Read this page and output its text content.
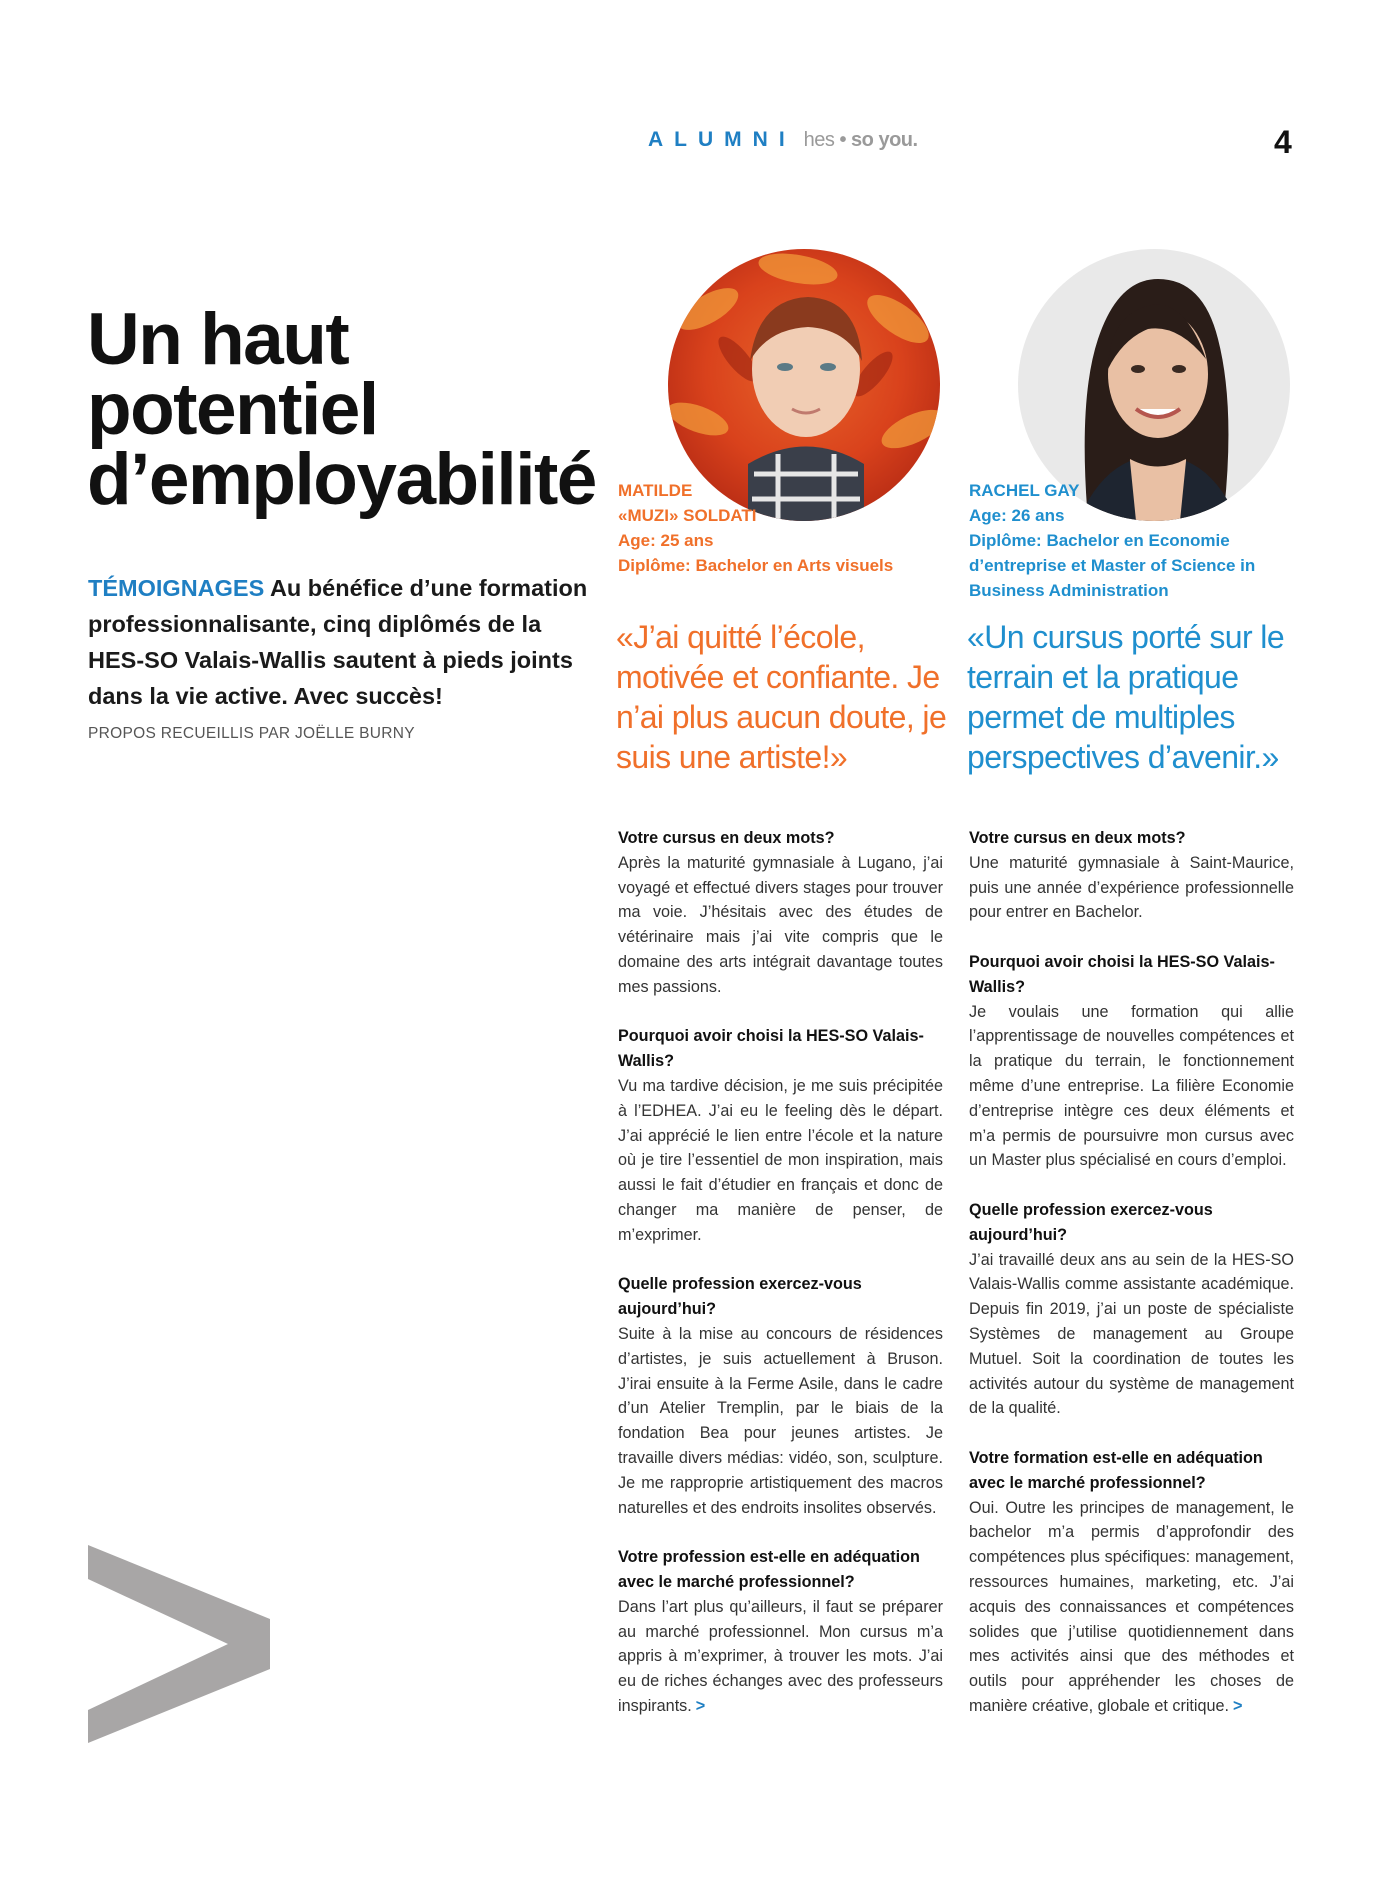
ALUMNI hes • so you.	4
Un haut potentiel d’employabilité

TÉMOIGNAGES Au bénéfice d’une formation professionnalisante, cinq diplômés de la HES-SO Valais-Wallis sautent à pieds joints dans la vie active. Avec succès!

PROPOS RECUEILLIS PAR JOËLLE BURNY
MATILDE
«MUZI» SOLDATI
Age: 25 ans
Diplôme: Bachelor en Arts visuels
RACHEL GAY
Age: 26 ans
Diplôme: Bachelor en Economie d’entreprise et Master of Science in Business Administration

«J’ai quitté l’école, motivée et confiante. Je n’ai plus aucun doute, je suis une artiste!»

«Un cursus porté sur le terrain et la pratique permet de multiples perspectives d’avenir.»

Votre cursus en deux mots?
Après la maturité gymnasiale à Lugano, j’ai voyagé et effectué divers stages pour trouver ma voie. J’hésitais avec des études de vétérinaire mais j’ai vite compris que le domaine des arts intégrait davantage toutes mes passions.
Pourquoi avoir choisi la HES-SO Valais-Wallis?
Vu ma tardive décision, je me suis précipitée à l’EDHEA. J’ai eu le feeling dès le départ. J’ai apprécié le lien entre l’école et la nature où je tire l’essentiel de mon inspiration, mais aussi le fait d’étudier en français et donc de changer ma manière de penser, de m’exprimer.
Quelle profession exercez-vous aujourd’hui?
Suite à la mise au concours de résidences d’artistes, je suis actuellement à Bruson. J’irai ensuite à la Ferme Asile, dans le cadre d’un Atelier Tremplin, par le biais de la fondation Bea pour jeunes artistes. Je travaille divers médias: vidéo, son, sculpture. Je me rapproprie artistiquement des macros naturelles et des endroits insolites observés.
Votre profession est-elle en adéquation avec le marché professionnel?
Dans l’art plus qu’ailleurs, il faut se préparer au marché professionnel. Mon cursus m’a appris à m’exprimer, à trouver les mots. J’ai eu de riches échanges avec des professeurs inspirants. >
Votre cursus en deux mots?
Une maturité gymnasiale à Saint-Maurice, puis une année d’expérience professionnelle pour entrer en Bachelor.
Pourquoi avoir choisi la HES-SO Valais-Wallis?
Je voulais une formation qui allie l’apprentissage de nouvelles compétences et la pratique du terrain, le fonctionnement même d’une entreprise. La filière Economie d’entreprise intègre ces deux éléments et m’a permis de poursuivre mon cursus avec un Master plus spécialisé en cours d’emploi.
Quelle profession exercez-vous aujourd’hui?
J’ai travaillé deux ans au sein de la HES-SO Valais-Wallis comme assistante académique. Depuis fin 2019, j’ai un poste de spécialiste Systèmes de management au Groupe Mutuel. Soit la coordination de toutes les activités autour du système de management de la qualité.
Votre formation est-elle en adéquation avec le marché professionnel?
Oui. Outre les principes de management, le bachelor m’a permis d’approfondir des compétences plus spécifiques: management, ressources humaines, marketing, etc. J’ai acquis des connaissances et compétences solides que j’utilise quotidiennement dans mes activités ainsi que des méthodes et outils pour appréhender les choses de manière créative, globale et critique. >
